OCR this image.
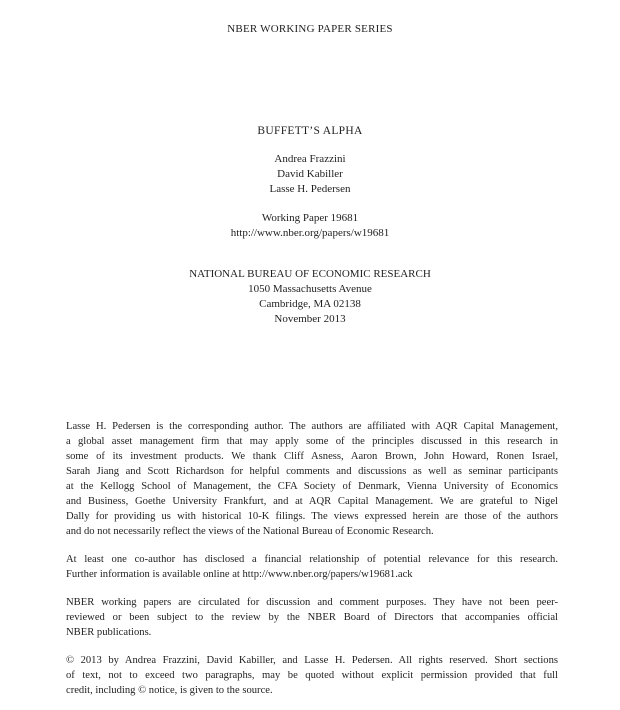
NBER WORKING PAPER SERIES
BUFFETT’S ALPHA
Andrea Frazzini
David Kabiller
Lasse H. Pedersen
Working Paper 19681
http://www.nber.org/papers/w19681
NATIONAL BUREAU OF ECONOMIC RESEARCH
1050 Massachusetts Avenue
Cambridge, MA 02138
November 2013
Lasse H. Pedersen is the corresponding author. The authors are affiliated with AQR Capital Management,
a global asset management firm that may apply some of the principles discussed in this research in
some of its investment products. We thank Cliff Asness, Aaron Brown, John Howard, Ronen Israel,
Sarah Jiang and Scott Richardson for helpful comments and discussions as well as seminar participants
at the Kellogg School of Management, the CFA Society of Denmark, Vienna University of Economics
and Business, Goethe University Frankfurt, and at AQR Capital Management. We are grateful to Nigel
Dally for providing us with historical 10-K filings. The views expressed herein are those of the authors
and do not necessarily reflect the views of the National Bureau of Economic Research.
At least one co-author has disclosed a financial relationship of potential relevance for this research.
Further information is available online at http://www.nber.org/papers/w19681.ack
NBER working papers are circulated for discussion and comment purposes. They have not been peer-
reviewed or been subject to the review by the NBER Board of Directors that accompanies official
NBER publications.
© 2013 by Andrea Frazzini, David Kabiller, and Lasse H. Pedersen. All rights reserved. Short sections
of text, not to exceed two paragraphs, may be quoted without explicit permission provided that full
credit, including © notice, is given to the source.
